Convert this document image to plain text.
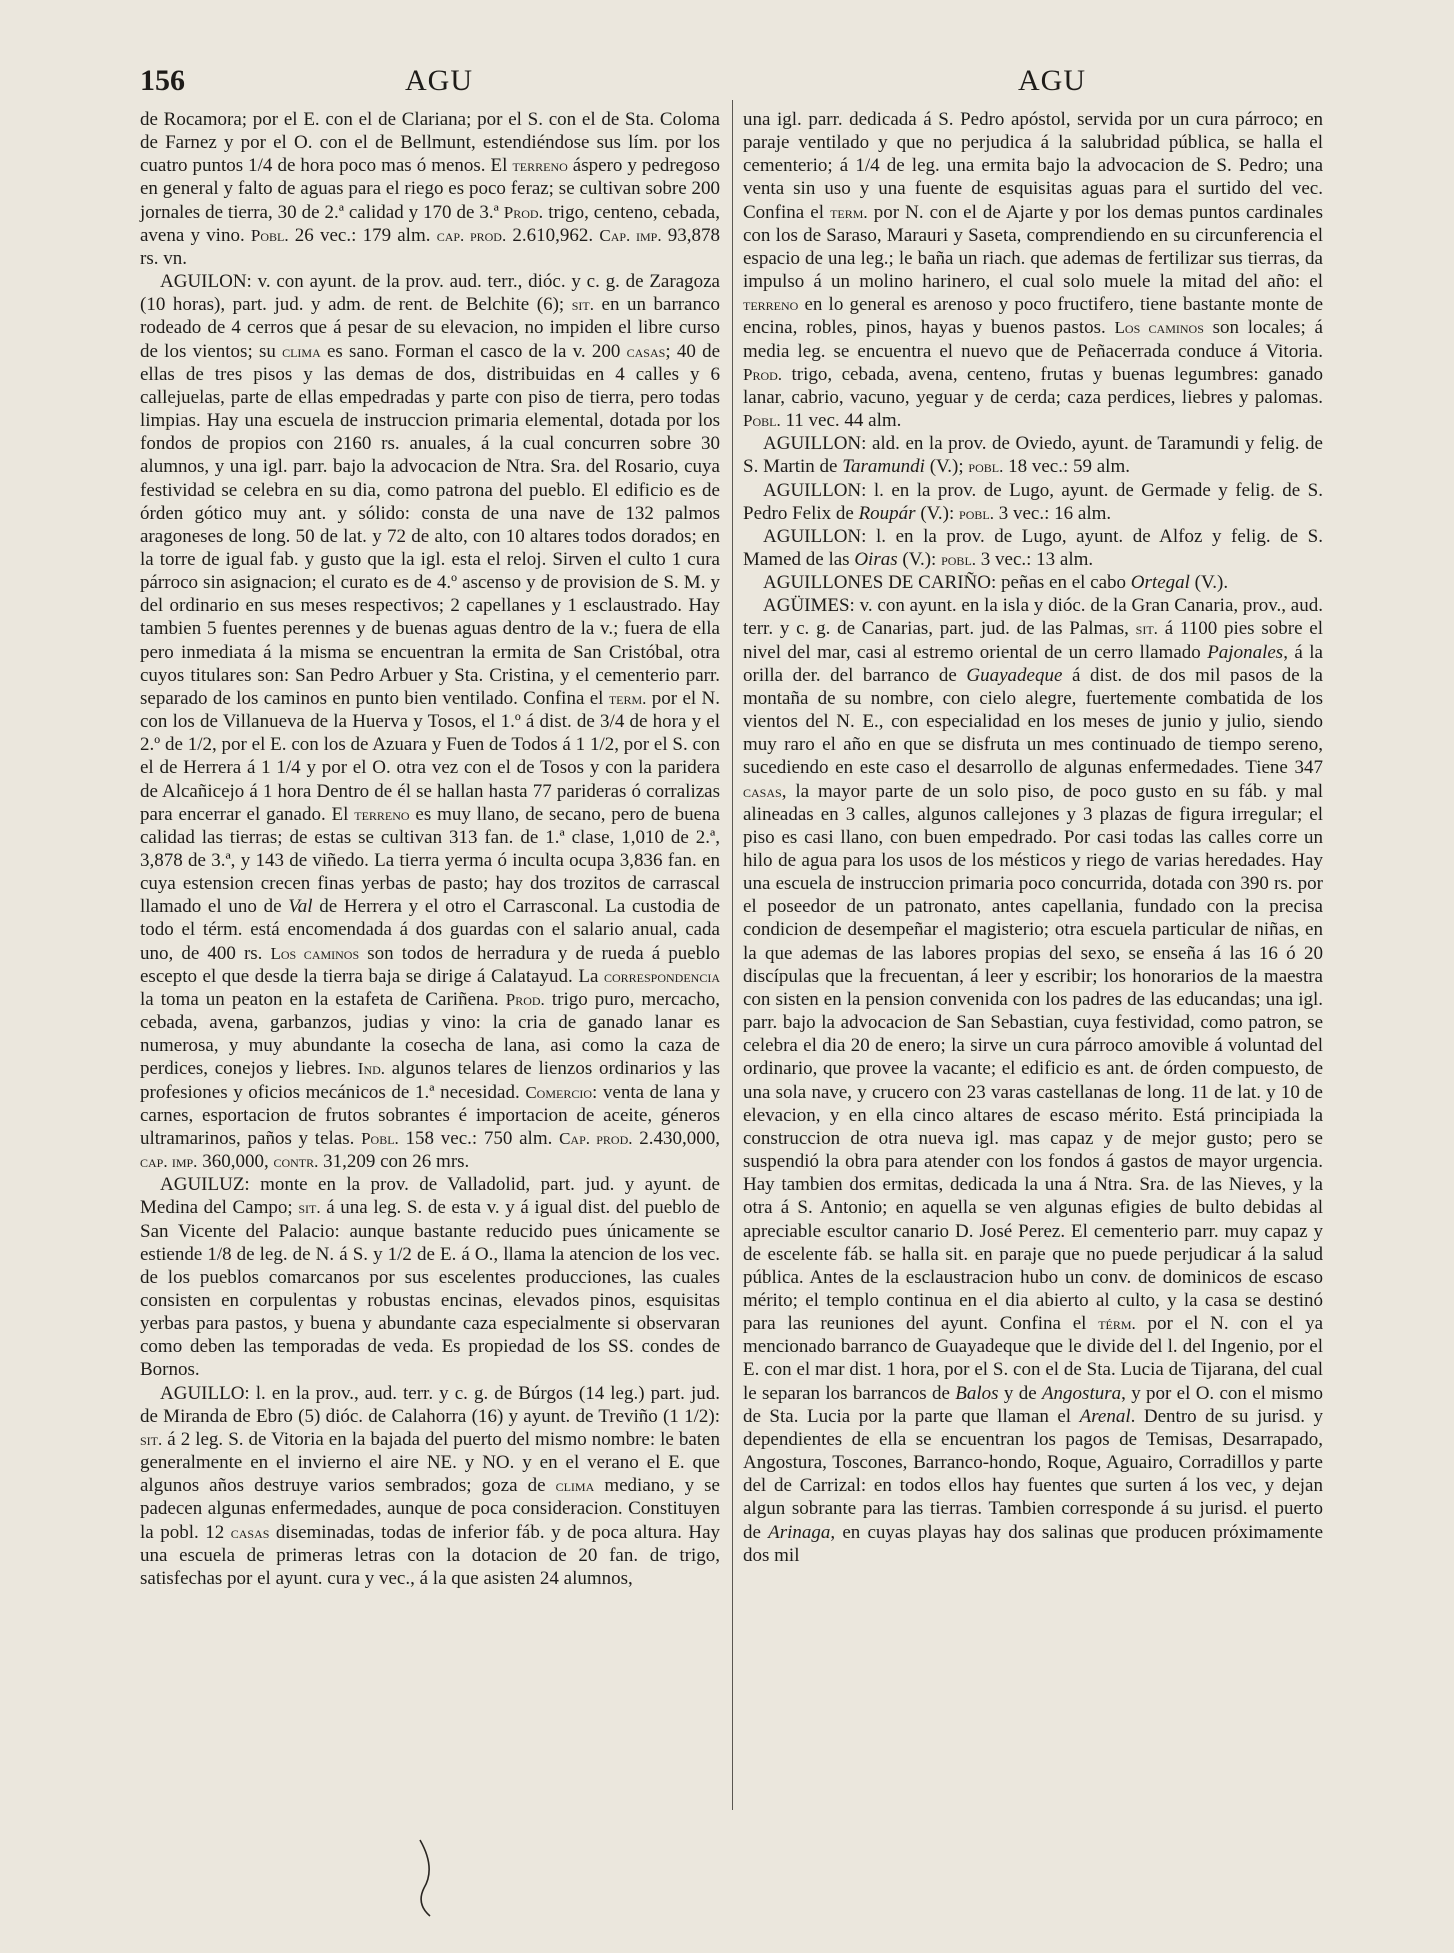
156	AGU	AGU

de Rocamora; por el E. con el de Clariana; por el S. con el de Sta. Coloma de Farnez y por el O. con el de Bellmunt, estendiéndose sus lím. por los cuatro puntos 1/4 de hora poco mas ó menos. El terreno áspero y pedregoso en general y falto de aguas para el riego es poco feraz; se cultivan sobre 200 jornales de tierra, 30 de 2.ª calidad y 170 de 3.ª Prod. trigo, centeno, cebada, avena y vino. Pobl. 26 vec.: 179 alm. cap. prod. 2.610,962. Cap. imp. 93,878 rs. vn.

AGUILON: v. con ayunt. de la prov. aud. terr., dióc. y c. g. de Zaragoza (10 horas), part. jud. y adm. de rent. de Belchite (6); sit. en un barranco rodeado de 4 cerros que á pesar de su elevacion, no impiden el libre curso de los vientos; su clima es sano. Forman el casco de la v. 200 casas; 40 de ellas de tres pisos y las demas de dos, distribuidas en 4 calles y 6 callejuelas, parte de ellas empedradas y parte con piso de tierra, pero todas limpias. Hay una escuela de instruccion primaria elemental, dotada por los fondos de propios con 2160 rs. anuales, á la cual concurren sobre 30 alumnos, y una igl. parr. bajo la advocacion de Ntra. Sra. del Rosario, cuya festividad se celebra en su dia, como patrona del pueblo. El edificio es de órden gótico muy ant. y sólido: consta de una nave de 132 palmos aragoneses de long. 50 de lat. y 72 de alto, con 10 altares todos dorados; en la torre de igual fab. y gusto que la igl. esta el reloj. Sirven el culto 1 cura párroco sin asignacion; el curato es de 4.º ascenso y de provision de S. M. y del ordinario en sus meses respectivos; 2 capellanes y 1 esclaustrado. Hay tambien 5 fuentes perennes y de buenas aguas dentro de la v.; fuera de ella pero inmediata á la misma se encuentran la ermita de San Cristóbal, otra cuyos titulares son: San Pedro Arbuer y Sta. Cristina, y el cementerio parr. separado de los caminos en punto bien ventilado. Confina el term. por el N. con los de Villanueva de la Huerva y Tosos, el 1.º á dist. de 3/4 de hora y el 2.º de 1/2, por el E. con los de Azuara y Fuen de Todos á 1 1/2, por el S. con el de Herrera á 1 1/4 y por el O. otra vez con el de Tosos y con la paridera de Alcañicejo á 1 hora Dentro de él se hallan hasta 77 parideras ó corralizas para encerrar el ganado. El terreno es muy llano, de secano, pero de buena calidad las tierras; de estas se cultivan 313 fan. de 1.ª clase, 1,010 de 2.ª, 3,878 de 3.ª, y 143 de viñedo. La tierra yerma ó inculta ocupa 3,836 fan. en cuya estension crecen finas yerbas de pasto; hay dos trozitos de carrascal llamado el uno de Val de Herrera y el otro el Carrasconal. La custodia de todo el térm. está encomendada á dos guardas con el salario anual, cada uno, de 400 rs. Los caminos son todos de herradura y de rueda á pueblo escepto el que desde la tierra baja se dirige á Calatayud. La correspondencia la toma un peaton en la estafeta de Cariñena. Prod. trigo puro, mercacho, cebada, avena, garbanzos, judias y vino: la cria de ganado lanar es numerosa, y muy abundante la cosecha de lana, asi como la caza de perdices, conejos y liebres. Ind. algunos telares de lienzos ordinarios y las profesiones y oficios mecánicos de 1.ª necesidad. Comercio: venta de lana y carnes, esportacion de frutos sobrantes é importacion de aceite, géneros ultramarinos, paños y telas. Pobl. 158 vec.: 750 alm. Cap. prod. 2.430,000, cap. imp. 360,000, contr. 31,209 con 26 mrs.

AGUILUZ: monte en la prov. de Valladolid, part. jud. y ayunt. de Medina del Campo; sit. á una leg. S. de esta v. y á igual dist. del pueblo de San Vicente del Palacio: aunque bastante reducido pues únicamente se estiende 1/8 de leg. de N. á S. y 1/2 de E. á O., llama la atencion de los vec. de los pueblos comarcanos por sus escelentes producciones, las cuales consisten en corpulentas y robustas encinas, elevados pinos, esquisitas yerbas para pastos, y buena y abundante caza especialmente si observaran como deben las temporadas de veda. Es propiedad de los SS. condes de Bornos.

AGUILLO: l. en la prov., aud. terr. y c. g. de Búrgos (14 leg.) part. jud. de Miranda de Ebro (5) dióc. de Calahorra (16) y ayunt. de Treviño (1 1/2): sit. á 2 leg. S. de Vitoria en la bajada del puerto del mismo nombre: le baten generalmente en el invierno el aire NE. y NO. y en el verano el E. que algunos años destruye varios sembrados; goza de clima mediano, y se padecen algunas enfermedades, aunque de poca consideracion. Constituyen la pobl. 12 casas diseminadas, todas de inferior fáb. y de poca altura. Hay una escuela de primeras letras con la dotacion de 20 fan. de trigo, satisfechas por el ayunt. cura y vec., á la que asisten 24 alumnos,

una igl. parr. dedicada á S. Pedro apóstol, servida por un cura párroco; en paraje ventilado y que no perjudica á la salubridad pública, se halla el cementerio; á 1/4 de leg. una ermita bajo la advocacion de S. Pedro; una venta sin uso y una fuente de esquisitas aguas para el surtido del vec. Confina el term. por N. con el de Ajarte y por los demas puntos cardinales con los de Saraso, Marauri y Saseta, comprendiendo en su circunferencia el espacio de una leg.; le baña un riach. que ademas de fertilizar sus tierras, da impulso á un molino harinero, el cual solo muele la mitad del año: el terreno en lo general es arenoso y poco fructifero, tiene bastante monte de encina, robles, pinos, hayas y buenos pastos. Los caminos son locales; á media leg. se encuentra el nuevo que de Peñacerrada conduce á Vitoria. Prod. trigo, cebada, avena, centeno, frutas y buenas legumbres: ganado lanar, cabrio, vacuno, yeguar y de cerda; caza perdices, liebres y palomas. Pobl. 11 vec. 44 alm.

AGUILLON: ald. en la prov. de Oviedo, ayunt. de Taramundi y felig. de S. Martin de Taramundi (V.); pobl. 18 vec.: 59 alm.

AGUILLON: l. en la prov. de Lugo, ayunt. de Germade y felig. de S. Pedro Felix de Roupár (V.): pobl. 3 vec.: 16 alm.

AGUILLON: l. en la prov. de Lugo, ayunt. de Alfoz y felig. de S. Mamed de las Oiras (V.): pobl. 3 vec.: 13 alm.

AGUILLONES DE CARIÑO: peñas en el cabo Ortegal (V.).

AGÜIMES: v. con ayunt. en la isla y dióc. de la Gran Canaria, prov., aud. terr. y c. g. de Canarias, part. jud. de las Palmas, sit. á 1100 pies sobre el nivel del mar, casi al estremo oriental de un cerro llamado Pajonales, á la orilla der. del barranco de Guayadeque á dist. de dos mil pasos de la montaña de su nombre, con cielo alegre, fuertemente combatida de los vientos del N. E., con especialidad en los meses de junio y julio, siendo muy raro el año en que se disfruta un mes continuado de tiempo sereno, sucediendo en este caso el desarrollo de algunas enfermedades. Tiene 347 casas, la mayor parte de un solo piso, de poco gusto en su fáb. y mal alineadas en 3 calles, algunos callejones y 3 plazas de figura irregular; el piso es casi llano, con buen empedrado. Por casi todas las calles corre un hilo de agua para los usos de los mésticos y riego de varias heredades. Hay una escuela de instruccion primaria poco concurrida, dotada con 390 rs. por el poseedor de un patronato, antes capellania, fundado con la precisa condicion de desempeñar el magisterio; otra escuela particular de niñas, en la que ademas de las labores propias del sexo, se enseña á las 16 ó 20 discípulas que la frecuentan, á leer y escribir; los honorarios de la maestra con sisten en la pension convenida con los padres de las educandas; una igl. parr. bajo la advocacion de San Sebastian, cuya festividad, como patron, se celebra el dia 20 de enero; la sirve un cura párroco amovible á voluntad del ordinario, que provee la vacante; el edificio es ant. de órden compuesto, de una sola nave, y crucero con 23 varas castellanas de long. 11 de lat. y 10 de elevacion, y en ella cinco altares de escaso mérito. Está principiada la construccion de otra nueva igl. mas capaz y de mejor gusto; pero se suspendió la obra para atender con los fondos á gastos de mayor urgencia. Hay tambien dos ermitas, dedicada la una á Ntra. Sra. de las Nieves, y la otra á S. Antonio; en aquella se ven algunas efigies de bulto debidas al apreciable escultor canario D. José Perez. El cementerio parr. muy capaz y de escelente fáb. se halla sit. en paraje que no puede perjudicar á la salud pública. Antes de la esclaustracion hubo un conv. de dominicos de escaso mérito; el templo continua en el dia abierto al culto, y la casa se destinó para las reuniones del ayunt. Confina el térm. por el N. con el ya mencionado barranco de Guayadeque que le divide del l. del Ingenio, por el E. con el mar dist. 1 hora, por el S. con el de Sta. Lucia de Tijarana, del cual le separan los barrancos de Balos y de Angostura, y por el O. con el mismo de Sta. Lucia por la parte que llaman el Arenal. Dentro de su jurisd. y dependientes de ella se encuentran los pagos de Temisas, Desarrapado, Angostura, Toscones, Barranco-hondo, Roque, Aguairo, Corradillos y parte del de Carrizal: en todos ellos hay fuentes que surten á los vec, y dejan algun sobrante para las tierras. Tambien corresponde á su jurisd. el puerto de Arinaga, en cuyas playas hay dos salinas que producen próximamente dos mil
